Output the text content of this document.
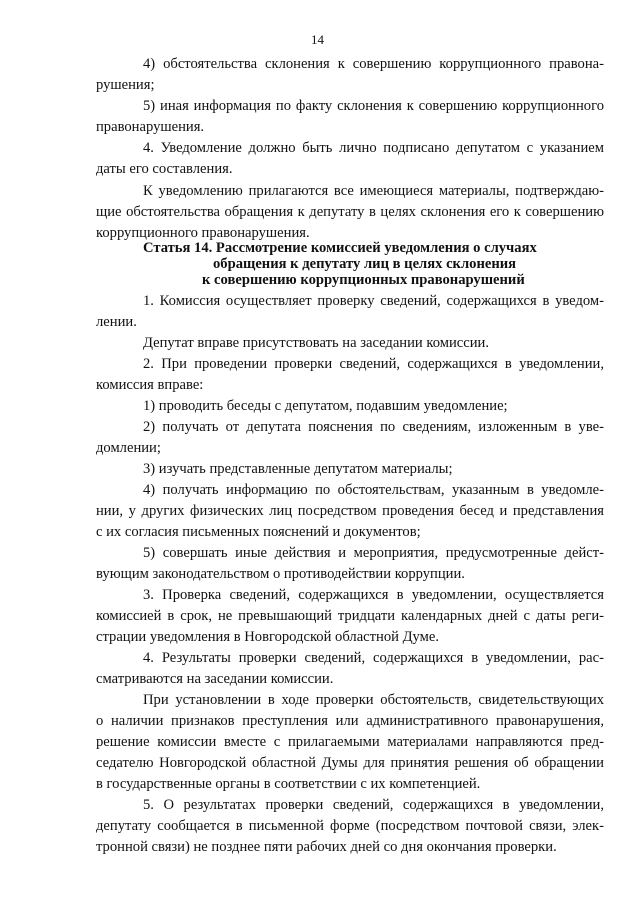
14
4) обстоятельства склонения к совершению коррупционного правона-
рушения;
5) иная информация по факту склонения к совершению коррупционного
правонарушения.
4. Уведомление должно быть лично подписано депутатом с указанием
даты его составления.
К уведомлению прилагаются все имеющиеся материалы, подтверждаю-
щие обстоятельства обращения к депутату в целях склонения его к совершению
коррупционного правонарушения.
Статья 14. Рассмотрение комиссией уведомления о случаях
обращения к депутату лиц в целях склонения
к совершению коррупционных правонарушений
1. Комиссия осуществляет проверку сведений, содержащихся в уведом-
лении.
Депутат вправе присутствовать на заседании комиссии.
2. При проведении проверки сведений, содержащихся в уведомлении,
комиссия вправе:
1) проводить беседы с депутатом, подавшим уведомление;
2) получать от депутата пояснения по сведениям, изложенным в уве-
домлении;
3) изучать представленные депутатом материалы;
4) получать информацию по обстоятельствам, указанным в уведомле-
нии, у других физических лиц посредством проведения бесед и представления
с их согласия письменных пояснений и документов;
5) совершать иные действия и мероприятия, предусмотренные дейст-
вующим законодательством о противодействии коррупции.
3. Проверка сведений, содержащихся в уведомлении, осуществляется
комиссией в срок, не превышающий тридцати календарных дней с даты реги-
страции уведомления в Новгородской областной Думе.
4. Результаты проверки сведений, содержащихся в уведомлении, рас-
сматриваются на заседании комиссии.
При установлении в ходе проверки обстоятельств, свидетельствующих
о наличии признаков преступления или административного правонарушения,
решение комиссии вместе с прилагаемыми материалами направляются пред-
седателю Новгородской областной Думы для принятия решения об обращении
в государственные органы в соответствии с их компетенцией.
5. О результатах проверки сведений, содержащихся в уведомлении,
депутату сообщается в письменной форме (посредством почтовой связи, элек-
тронной связи) не позднее пяти рабочих дней со дня окончания проверки.
